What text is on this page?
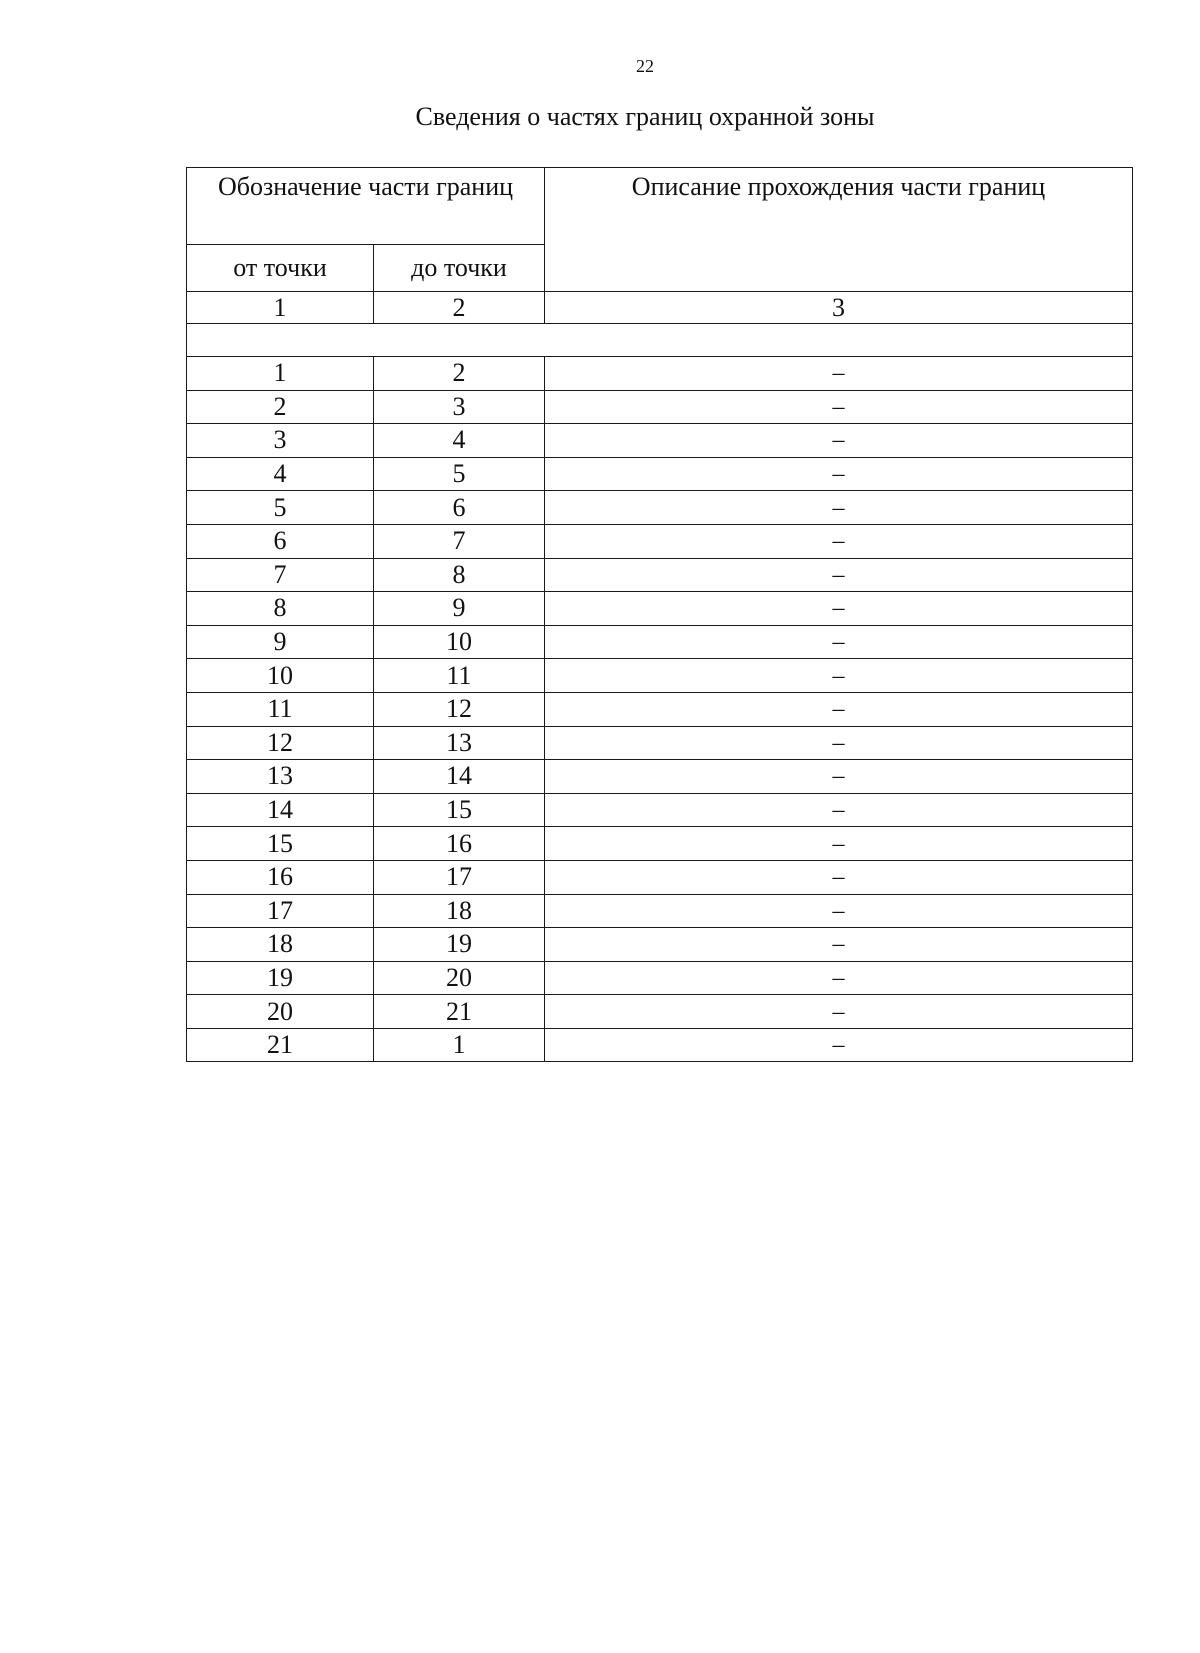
22
Сведения о частях границ охранной зоны
Обозначение части границ		Описание прохождения части границ
от точки	до точки	
1	2	3

1	2	–
2	3	–
3	4	–
4	5	–
5	6	–
6	7	–
7	8	–
8	9	–
9	10	–
10	11	–
11	12	–
12	13	–
13	14	–
14	15	–
15	16	–
16	17	–
17	18	–
18	19	–
19	20	–
20	21	–
21	1	–
